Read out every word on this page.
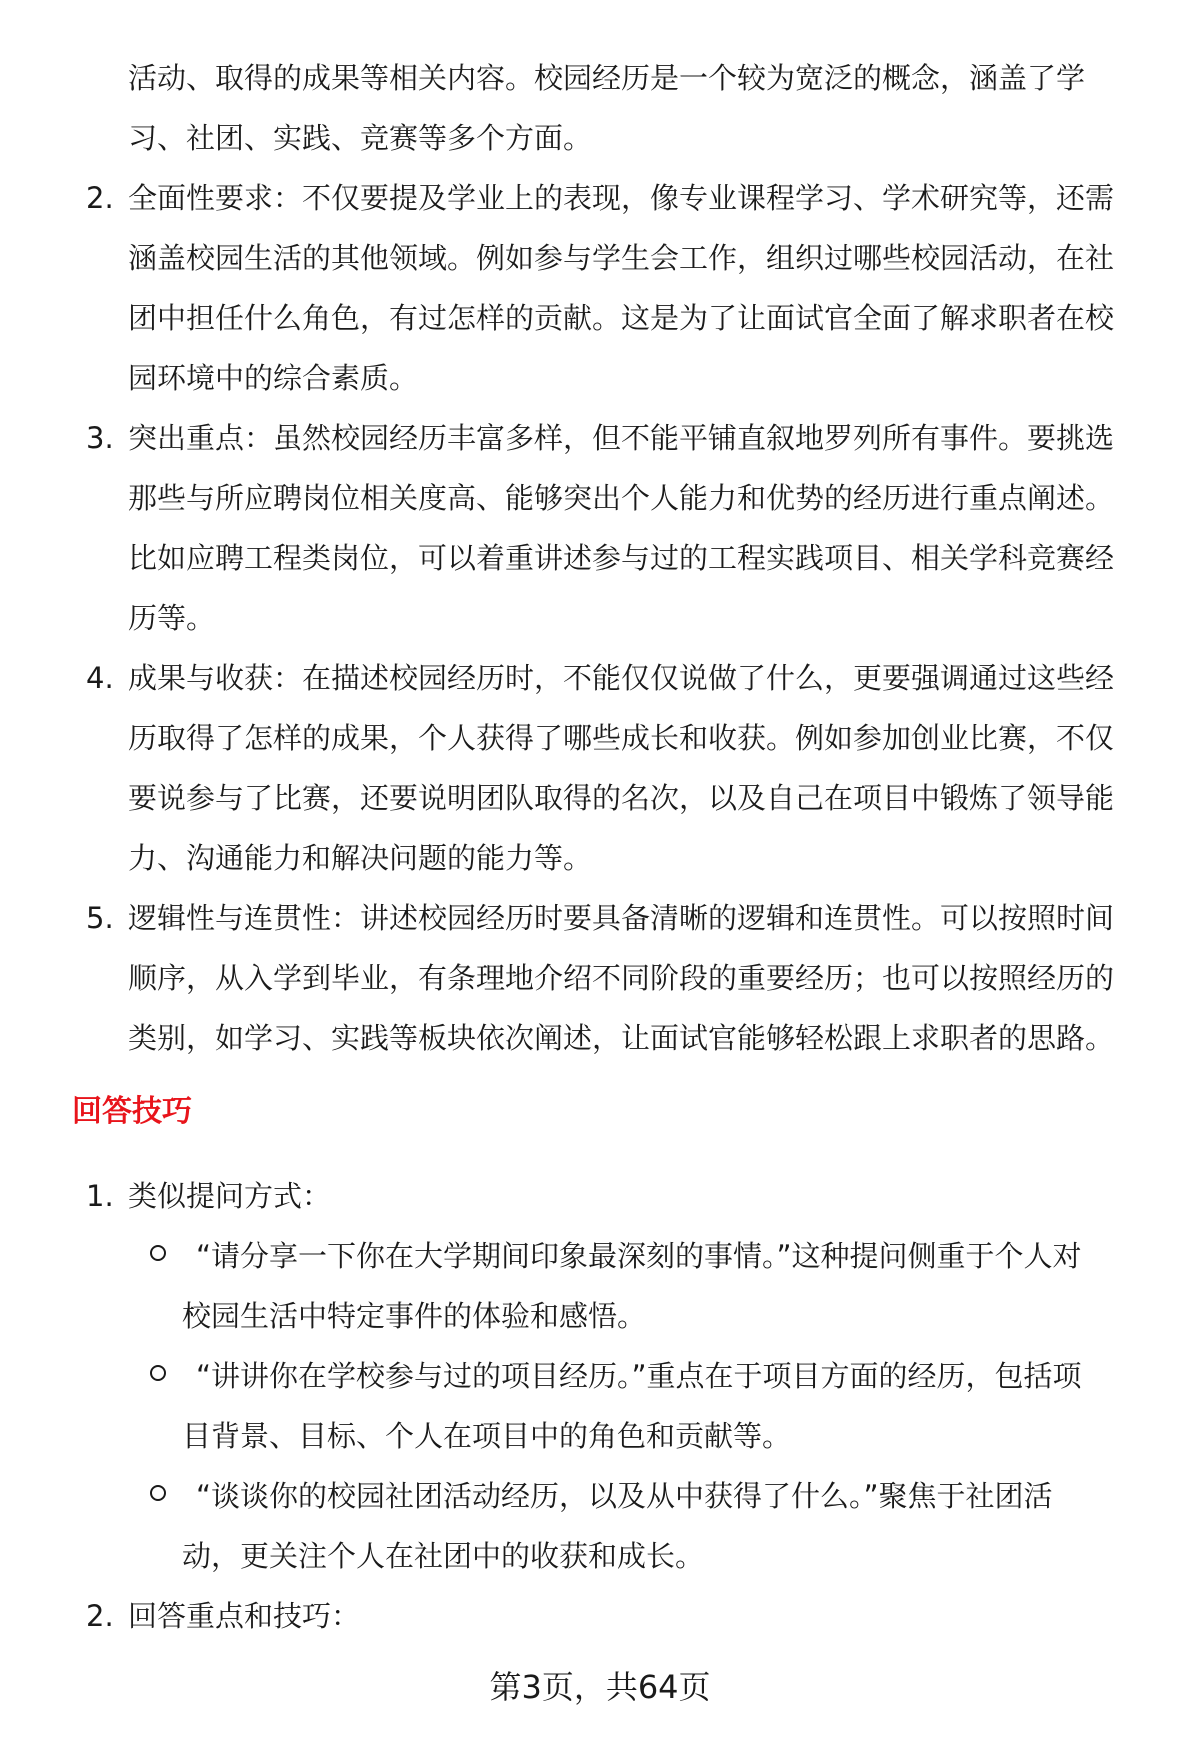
活动、取得的成果等相关内容。校园经历是一个较为宽泛的概念，涵盖了学
习、社团、实践、竞赛等多个方面。
2. 全面性要求：不仅要提及学业上的表现，像专业课程学习、学术研究等，还需
涵盖校园生活的其他领域。例如参与学生会工作，组织过哪些校园活动，在社
团中担任什么角色，有过怎样的贡献。这是为了让面试官全面了解求职者在校
园环境中的综合素质。
3. 突出重点：虽然校园经历丰富多样，但不能平铺直叙地罗列所有事件。要挑选
那些与所应聘岗位相关度高、能够突出个人能力和优势的经历进行重点阐述。
比如应聘工程类岗位，可以着重讲述参与过的工程实践项目、相关学科竞赛经
历等。
4. 成果与收获：在描述校园经历时，不能仅仅说做了什么，更要强调通过这些经
历取得了怎样的成果，个人获得了哪些成长和收获。例如参加创业比赛，不仅
要说参与了比赛，还要说明团队取得的名次，以及自己在项目中锻炼了领导能
力、沟通能力和解决问题的能力等。
5. 逻辑性与连贯性：讲述校园经历时要具备清晰的逻辑和连贯性。可以按照时间
顺序，从入学到毕业，有条理地介绍不同阶段的重要经历；也可以按照经历的
类别，如学习、实践等板块依次阐述，让面试官能够轻松跟上求职者的思路。
回答技巧
1. 类似提问方式：
“请分享一下你在大学期间印象最深刻的事情。”这种提问侧重于个人对
校园生活中特定事件的体验和感悟。
“讲讲你在学校参与过的项目经历。”重点在于项目方面的经历，包括项
目背景、目标、个人在项目中的角色和贡献等。
“谈谈你的校园社团活动经历，以及从中获得了什么。”聚焦于社团活
动，更关注个人在社团中的收获和成长。
2. 回答重点和技巧：
第3页，共64页
